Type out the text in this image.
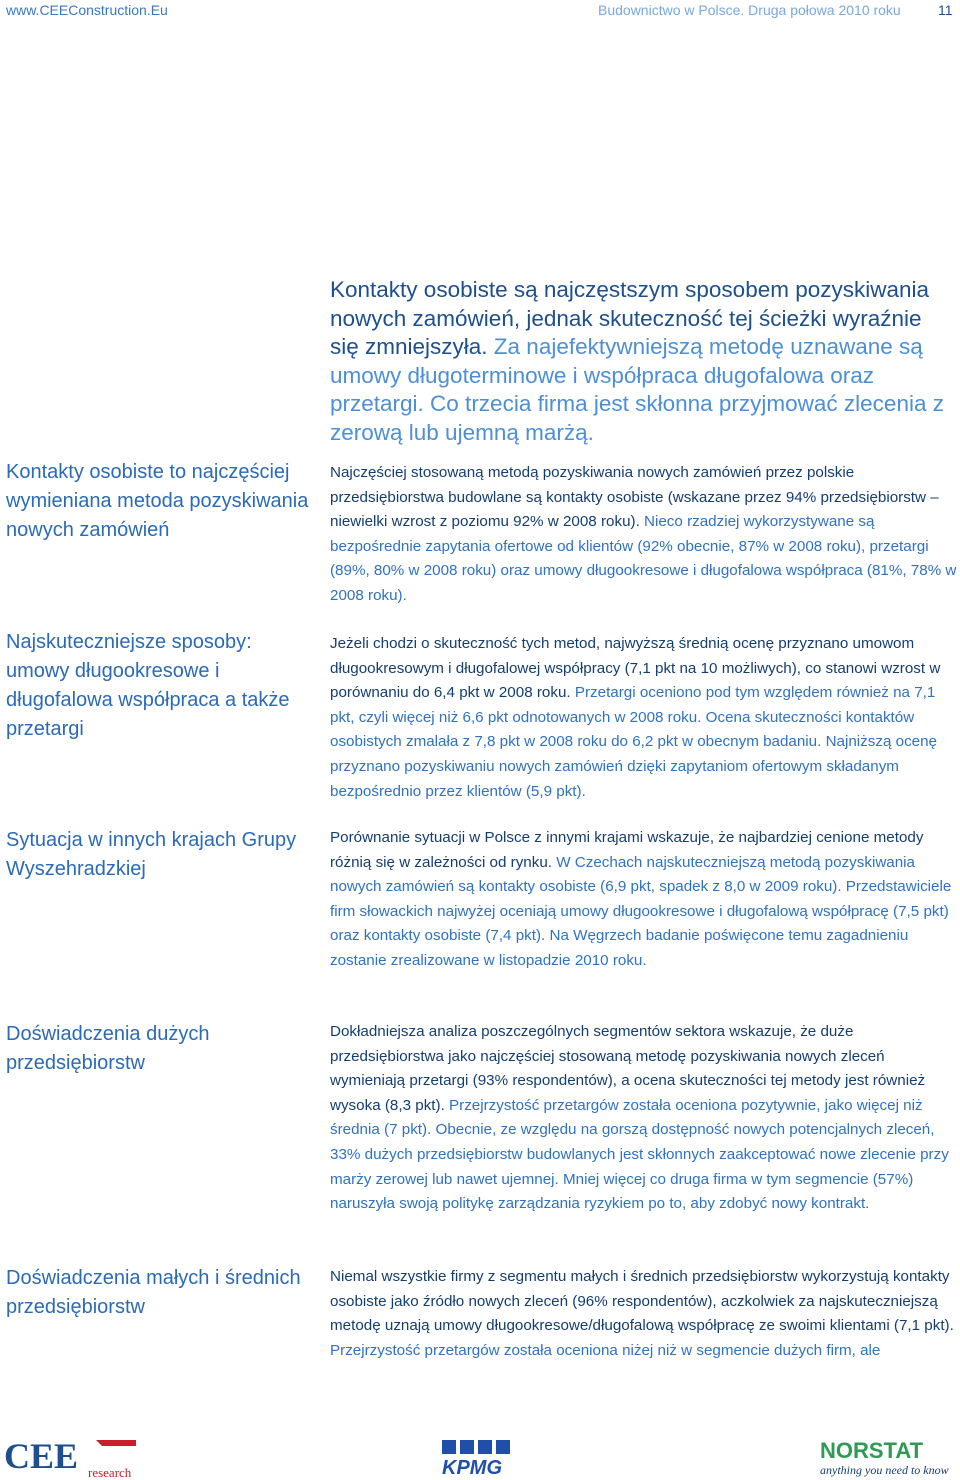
www.CEEConstruction.Eu	Budownictwo w Polsce. Druga połowa 2010 roku	11
Kontakty osobiste są najczęstszym sposobem pozyskiwania nowych zamówień, jednak skuteczność tej ścieżki wyraźnie się zmniejszyła. Za najefektywniejszą metodę uznawane są umowy długoterminowe i współpraca długofalowa oraz przetargi. Co trzecia firma jest skłonna przyjmować zlecenia z zerową lub ujemną marżą.
Kontakty osobiste to najczęściej wymieniana metoda pozyskiwania nowych zamówień
Najskuteczniejsze sposoby: umowy długookresowe i długofalowa współpraca a także przetargi
Sytuacja w innych krajach Grupy Wyszehradzkiej
Doświadczenia dużych przedsiębiorstw
Doświadczenia małych i średnich przedsiębiorstw
Najczęściej stosowaną metodą pozyskiwania nowych zamówień przez polskie przedsiębiorstwa budowlane są kontakty osobiste (wskazane przez 94% przedsiębiorstw – niewielki wzrost z poziomu 92% w 2008 roku). Nieco rzadziej wykorzystywane są bezpośrednie zapytania ofertowe od klientów (92% obecnie, 87% w 2008 roku), przetargi (89%, 80% w 2008 roku) oraz umowy długookresowe i długofalowa współpraca (81%, 78% w 2008 roku).
Jeżeli chodzi o skuteczność tych metod, najwyższą średnią ocenę przyznano umowom długookresowym i długofalowej współpracy (7,1 pkt na 10 możliwych), co stanowi wzrost w porównaniu do 6,4 pkt w 2008 roku. Przetargi oceniono pod tym względem również na 7,1 pkt, czyli więcej niż 6,6 pkt odnotowanych w 2008 roku. Ocena skuteczności kontaktów osobistych zmalała z 7,8 pkt w 2008 roku do 6,2 pkt w obecnym badaniu. Najniższą ocenę przyznano pozyskiwaniu nowych zamówień dzięki zapytaniom ofertowym składanym bezpośrednio przez klientów (5,9 pkt).
Porównanie sytuacji w Polsce z innymi krajami wskazuje, że najbardziej cenione metody różnią się w zależności od rynku. W Czechach najskuteczniejszą metodą pozyskiwania nowych zamówień są kontakty osobiste (6,9 pkt, spadek z 8,0 w 2009 roku). Przedstawiciele firm słowackich najwyżej oceniają umowy długookresowe i długofalową współpracę (7,5 pkt) oraz kontakty osobiste (7,4 pkt). Na Węgrzech badanie poświęcone temu zagadnieniu zostanie zrealizowane w listopadzie 2010 roku.
Dokładniejsza analiza poszczególnych segmentów sektora wskazuje, że duże przedsiębiorstwa jako najczęściej stosowaną metodę pozyskiwania nowych zleceń wymieniają przetargi (93% respondentów), a ocena skuteczności tej metody jest również wysoka (8,3 pkt). Przejrzystość przetargów została oceniona pozytywnie, jako więcej niż średnia (7 pkt). Obecnie, ze względu na gorszą dostępność nowych potencjalnych zleceń, 33% dużych przedsiębiorstw budowlanych jest skłonnych zaakceptować nowe zlecenie przy marży zerowej lub nawet ujemnej. Mniej więcej co druga firma w tym segmencie (57%) naruszyła swoją politykę zarządzania ryzykiem po to, aby zdobyć nowy kontrakt.
Niemal wszystkie firmy z segmentu małych i średnich przedsiębiorstw wykorzystują kontakty osobiste jako źródło nowych zleceń (96% respondentów), aczkolwiek za najskuteczniejszą metodę uznają umowy długookresowe/długofalową współpracę ze swoimi klientami (7,1 pkt). Przejrzystość przetargów została oceniona niżej niż w segmencie dużych firm, ale
CEE research	KPMG
NORSTAT
anything you need to know
